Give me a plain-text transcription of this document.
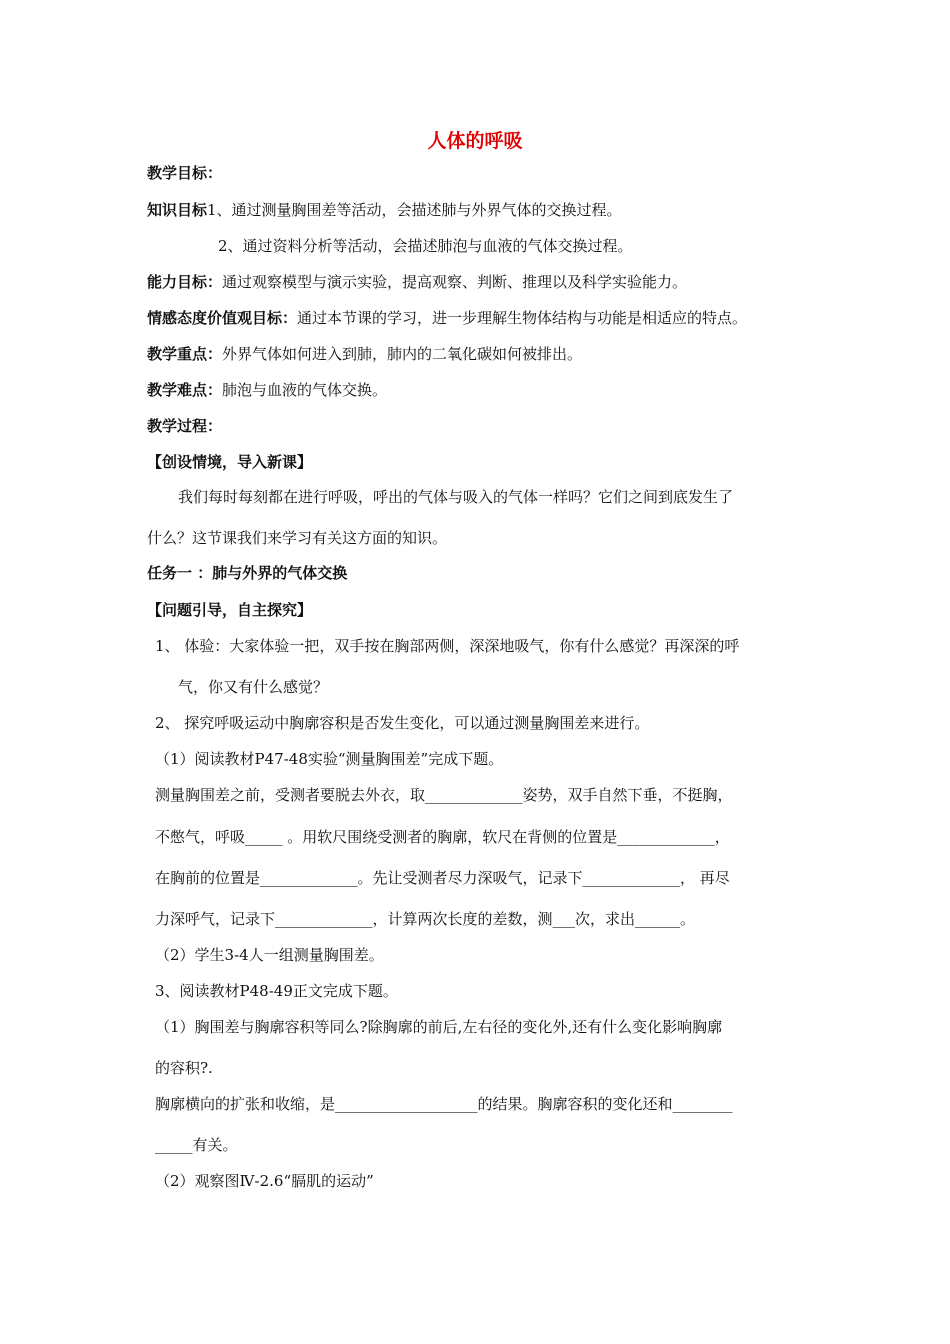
人体的呼吸
教学目标：
知识目标1、通过测量胸围差等活动，会描述肺与外界气体的交换过程。
2、通过资料分析等活动，会描述肺泡与血液的气体交换过程。
能力目标：通过观察模型与演示实验，提高观察、判断、推理以及科学实验能力。
情感态度价值观目标：通过本节课的学习，进一步理解生物体结构与功能是相适应的特点。
教学重点：外界气体如何进入到肺，肺内的二氧化碳如何被排出。
教学难点：肺泡与血液的气体交换。
教学过程：
【创设情境，导入新课】
我们每时每刻都在进行呼吸，呼出的气体与吸入的气体一样吗？它们之间到底发生了
什么？这节课我们来学习有关这方面的知识。
任务一 ：肺与外界的气体交换
【问题引导，自主探究】
1、 体验：大家体验一把，双手按在胸部两侧，深深地吸气，你有什么感觉？再深深的呼
气，你又有什么感觉？
2、 探究呼吸运动中胸廓容积是否发生变化，可以通过测量胸围差来进行。
（1）阅读教材P47-48实验“测量胸围差”完成下题。
测量胸围差之前，受测者要脱去外衣，取_____________姿势，双手自然下垂，不挺胸，
不憋气，呼吸_____ 。用软尺围绕受测者的胸廓，软尺在背侧的位置是_____________，
在胸前的位置是_____________。先让受测者尽力深吸气，记录下_____________， 再尽
力深呼气，记录下_____________，计算两次长度的差数，测___次，求出______。
（2）学生3-4人一组测量胸围差。
3、阅读教材P48-49正文完成下题。
（1）胸围差与胸廓容积等同么?除胸廓的前后,左右径的变化外,还有什么变化影响胸廓
的容积?.
胸廓横向的扩张和收缩，是___________________的结果。胸廓容积的变化还和________
_____有关。
（2）观察图Ⅳ-2.6“膈肌的运动”
